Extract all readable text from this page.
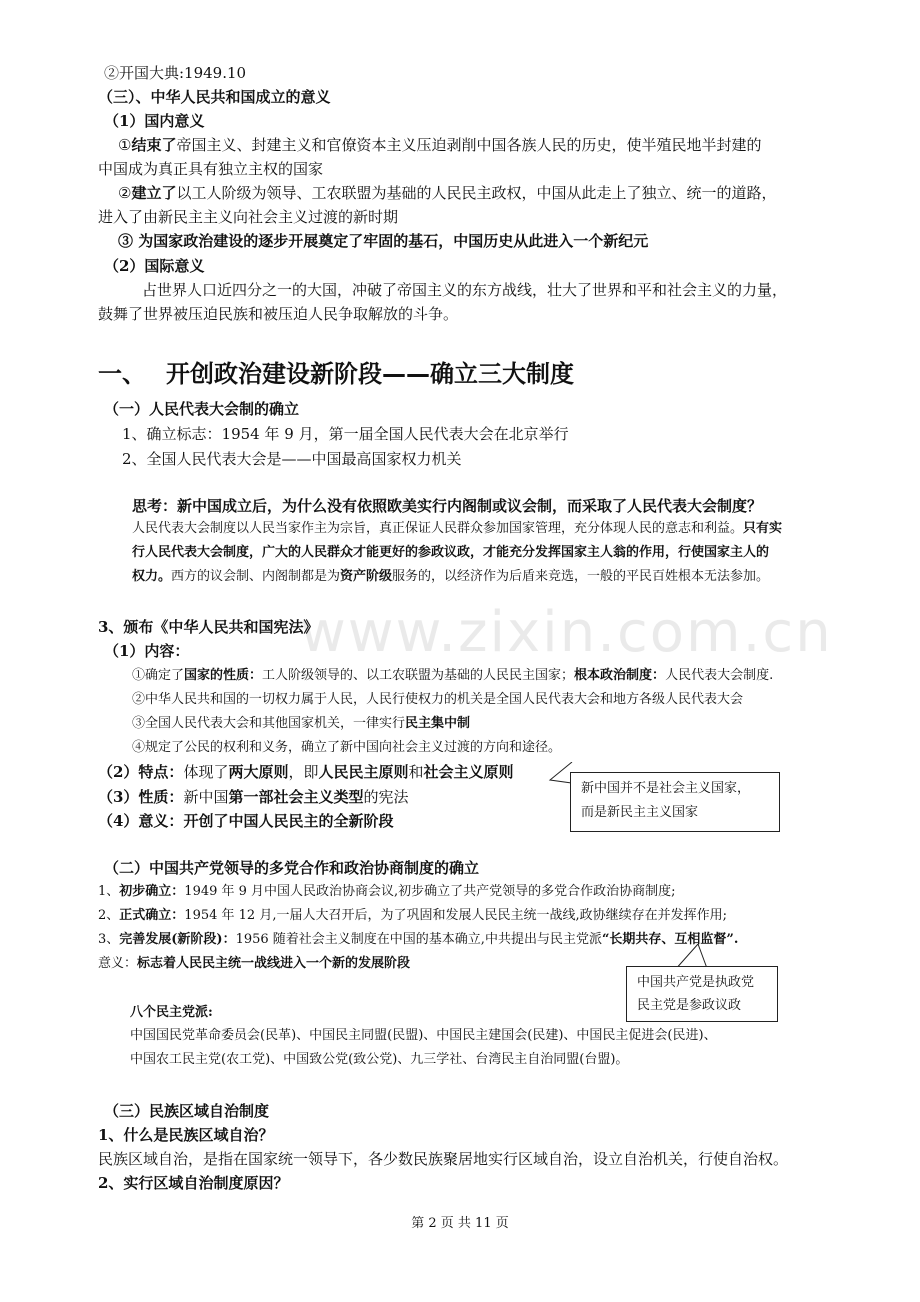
www.zixin.com.cn
②开国大典:1949.10
（三）、中华人民共和国成立的意义
（1）国内意义
①结束了帝国主义、封建主义和官僚资本主义压迫剥削中国各族人民的历史，使半殖民地半封建的
中国成为真正具有独立主权的国家
②建立了以工人阶级为领导、工农联盟为基础的人民民主政权，中国从此走上了独立、统一的道路，
进入了由新民主主义向社会主义过渡的新时期
③ 为国家政治建设的逐步开展奠定了牢固的基石，中国历史从此进入一个新纪元
（2）国际意义
占世界人口近四分之一的大国，冲破了帝国主义的东方战线，壮大了世界和平和社会主义的力量，
鼓舞了世界被压迫民族和被压迫人民争取解放的斗争。
一、 开创政治建设新阶段——确立三大制度
（一）人民代表大会制的确立
1、确立标志：1954 年 9 月，第一届全国人民代表大会在北京举行
2、全国人民代表大会是——中国最高国家权力机关
思考：新中国成立后，为什么没有依照欧美实行内阁制或议会制，而采取了人民代表大会制度？
人民代表大会制度以人民当家作主为宗旨，真正保证人民群众参加国家管理，充分体现人民的意志和利益。只有实
行人民代表大会制度，广大的人民群众才能更好的参政议政，才能充分发挥国家主人翁的作用，行使国家主人的
权力。西方的议会制、内阁制都是为资产阶级服务的，以经济作为后盾来竞选，一般的平民百姓根本无法参加。
3、颁布《中华人民共和国宪法》
（1）内容：
①确定了国家的性质：工人阶级领导的、以工农联盟为基础的人民民主国家；根本政治制度：人民代表大会制度.
②中华人民共和国的一切权力属于人民，人民行使权力的机关是全国人民代表大会和地方各级人民代表大会
③全国人民代表大会和其他国家机关，一律实行民主集中制
④规定了公民的权利和义务，确立了新中国向社会主义过渡的方向和途径。
（2）特点：体现了两大原则，即人民民主原则和社会主义原则
（3）性质：新中国第一部社会主义类型的宪法
（4）意义：开创了中国人民民主的全新阶段
新中国并不是社会主义国家，
而是新民主主义国家
（二）中国共产党领导的多党合作和政治协商制度的确立
1、初步确立：1949 年 9 月中国人民政治协商会议,初步确立了共产党领导的多党合作政治协商制度;
2、正式确立：1954 年 12 月,一届人大召开后，为了巩固和发展人民民主统一战线,政协继续存在并发挥作用;
3、完善发展(新阶段)：1956 随着社会主义制度在中国的基本确立,中共提出与民主党派“长期共存、互相监督”.
意义：标志着人民民主统一战线进入一个新的发展阶段
中国共产党是执政党
民主党是参政议政
八个民主党派:
中国国民党革命委员会(民革)、中国民主同盟(民盟)、中国民主建国会(民建)、中国民主促进会(民进)、
中国农工民主党(农工党)、中国致公党(致公党)、九三学社、台湾民主自治同盟(台盟)。
（三）民族区域自治制度
1、什么是民族区域自治？
民族区域自治，是指在国家统一领导下，各少数民族聚居地实行区域自治，设立自治机关，行使自治权。
2、实行区域自治制度原因？
第 2 页 共 11 页
